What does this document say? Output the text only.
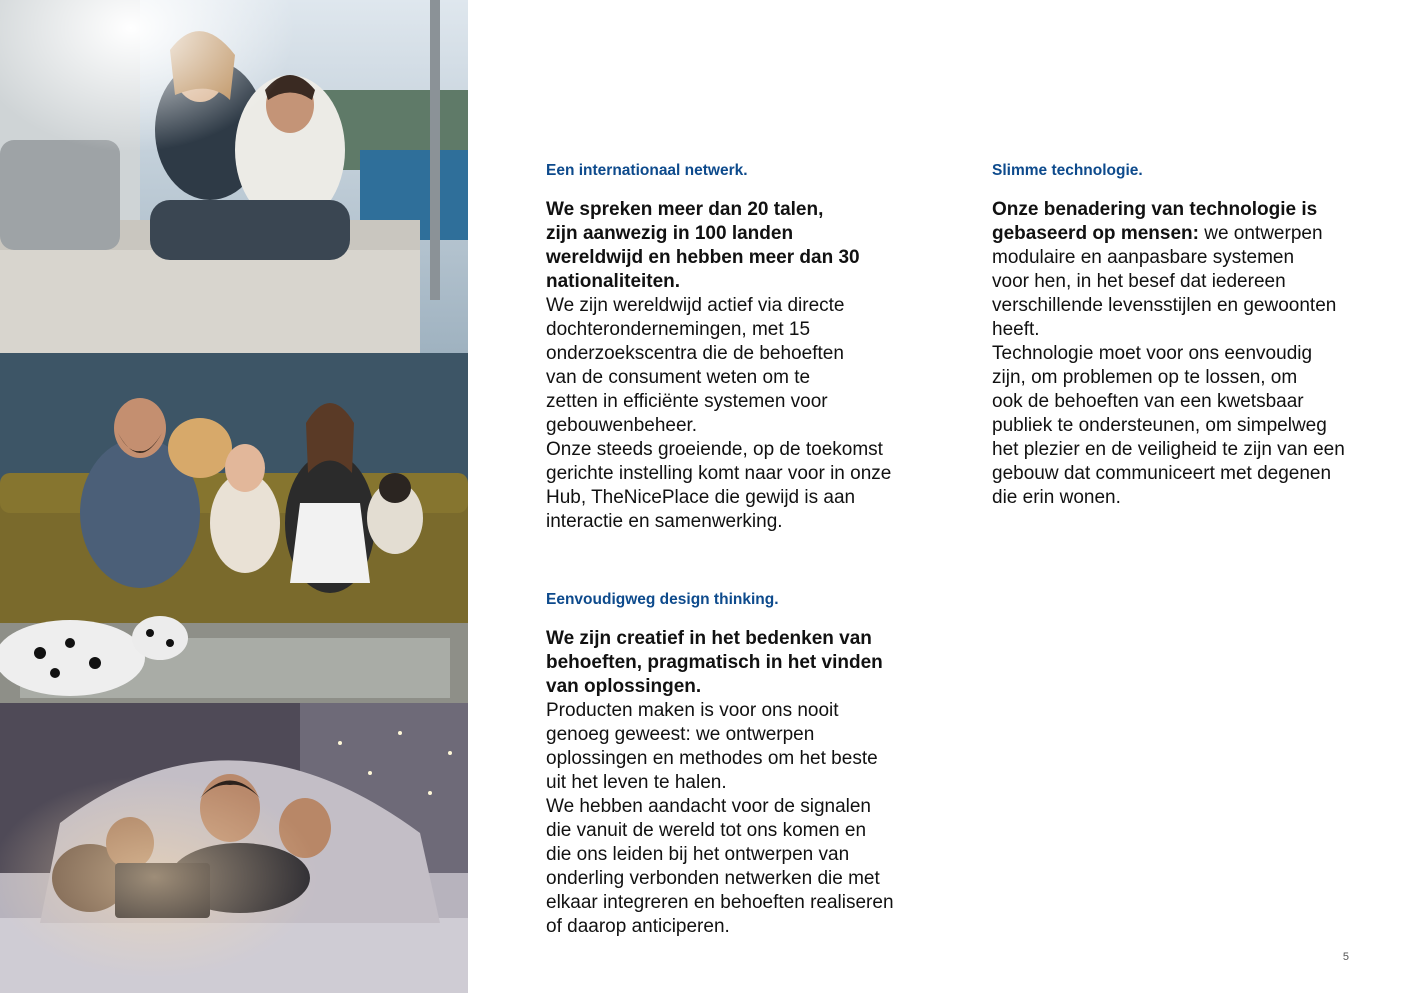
Een internationaal netwerk.

We spreken meer dan 20 talen,
zijn aanwezig in 100 landen
wereldwijd en hebben meer dan 30
nationaliteiten.
We zijn wereldwijd actief via directe
dochterondernemingen, met 15
onderzoekscentra die de behoeften
van de consument weten om te
zetten in efficiënte systemen voor
gebouwenbeheer.
Onze steeds groeiende, op de toekomst
gerichte instelling komt naar voor in onze
Hub, TheNicePlace die gewijd is aan
interactie en samenwerking.

Slimme technologie.

Onze benadering van technologie is
gebaseerd op mensen: we ontwerpen
modulaire en aanpasbare systemen
voor hen, in het besef dat iedereen
verschillende levensstijlen en gewoonten
heeft.
Technologie moet voor ons eenvoudig
zijn, om problemen op te lossen, om
ook de behoeften van een kwetsbaar
publiek te ondersteunen, om simpelweg
het plezier en de veiligheid te zijn van een
gebouw dat communiceert met degenen
die erin wonen.

Eenvoudigweg design thinking.

We zijn creatief in het bedenken van
behoeften, pragmatisch in het vinden
van oplossingen.
Producten maken is voor ons nooit
genoeg geweest: we ontwerpen
oplossingen en methodes om het beste
uit het leven te halen.
We hebben aandacht voor de signalen
die vanuit de wereld tot ons komen en
die ons leiden bij het ontwerpen van
onderling verbonden netwerken die met
elkaar integreren en behoeften realiseren
of daarop anticiperen.

5
